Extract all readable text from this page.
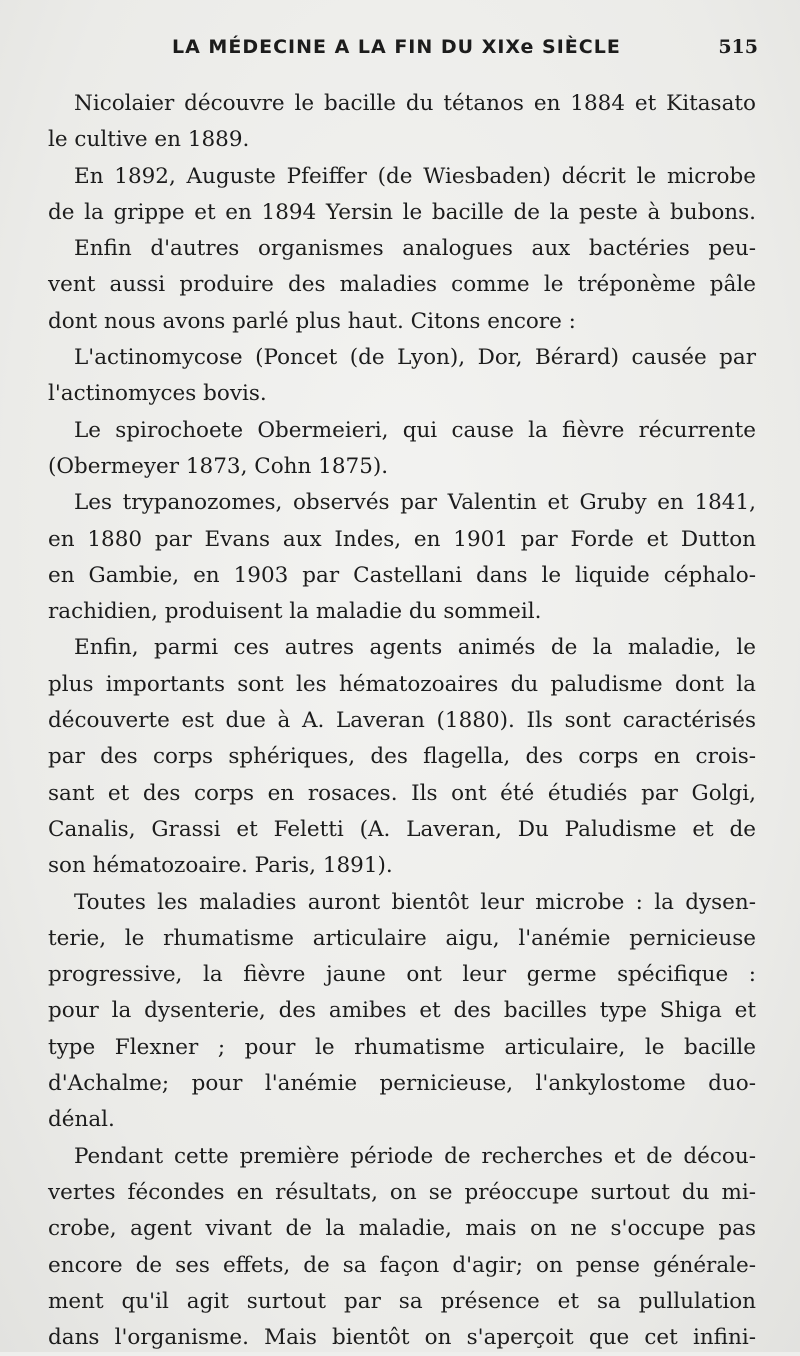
LA MÉDECINE A LA FIN DU XIXe SIÈCLE	515
Nicolaier découvre le bacille du tétanos en 1884 et Kitasato
le cultive en 1889.
En 1892, Auguste Pfeiffer (de Wiesbaden) décrit le microbe
de la grippe et en 1894 Yersin le bacille de la peste à bubons.
Enfin d'autres organismes analogues aux bactéries peu-
vent aussi produire des maladies comme le tréponème pâle
dont nous avons parlé plus haut. Citons encore :
L'actinomycose (Poncet (de Lyon), Dor, Bérard) causée par
l'actinomyces bovis.
Le spirochoete Obermeieri, qui cause la fièvre récurrente
(Obermeyer 1873, Cohn 1875).
Les trypanozomes, observés par Valentin et Gruby en 1841,
en 1880 par Evans aux Indes, en 1901 par Forde et Dutton
en Gambie, en 1903 par Castellani dans le liquide céphalo-
rachidien, produisent la maladie du sommeil.
Enfin, parmi ces autres agents animés de la maladie, le
plus importants sont les hématozoaires du paludisme dont la
découverte est due à A. Laveran (1880). Ils sont caractérisés
par des corps sphériques, des flagella, des corps en crois-
sant et des corps en rosaces. Ils ont été étudiés par Golgi,
Canalis, Grassi et Feletti (A. Laveran, Du Paludisme et de
son hématozoaire. Paris, 1891).
Toutes les maladies auront bientôt leur microbe : la dysen-
terie, le rhumatisme articulaire aigu, l'anémie pernicieuse
progressive, la fièvre jaune ont leur germe spécifique :
pour la dysenterie, des amibes et des bacilles type Shiga et
type Flexner ; pour le rhumatisme articulaire, le bacille
d'Achalme; pour l'anémie pernicieuse, l'ankylostome duo-
dénal.
Pendant cette première période de recherches et de décou-
vertes fécondes en résultats, on se préoccupe surtout du mi-
crobe, agent vivant de la maladie, mais on ne s'occupe pas
encore de ses effets, de sa façon d'agir; on pense générale-
ment qu'il agit surtout par sa présence et sa pullulation
dans l'organisme. Mais bientôt on s'aperçoit que cet infini-
